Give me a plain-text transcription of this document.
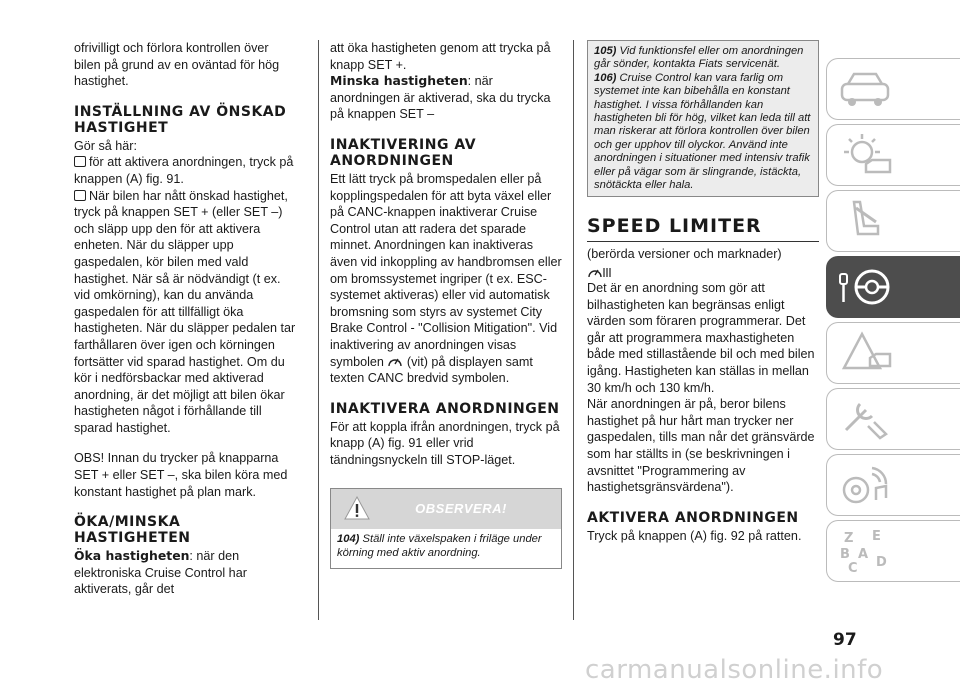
ofrivilligt och förlora kontrollen över bilen på grund av en oväntad för hög hastighet.

INSTÄLLNING AV ÖNSKAD HASTIGHET

Gör så här:

för att aktivera anordningen, tryck på knappen (A) fig. 91.

När bilen har nått önskad hastighet, tryck på knappen SET + (eller SET –) och släpp upp den för att aktivera enheten. När du släpper upp gaspedalen, kör bilen med vald hastighet. När så är nödvändigt (t ex. vid omkörning), kan du använda gaspedalen för att tillfälligt öka hastigheten. När du släpper pedalen tar farthållaren över igen och körningen fortsätter vid sparad hastighet. Om du kör i nedförsbackar med aktiverad anordning, är det möjligt att bilen ökar hastigheten något i förhållande till sparad hastighet.

OBS! Innan du trycker på knapparna SET + eller SET –, ska bilen köra med konstant hastighet på plan mark.

ÖKA/MINSKA HASTIGHETEN

Öka hastigheten: när den elektroniska Cruise Control har aktiverats, går det

att öka hastigheten genom att trycka på knapp SET +.

Minska hastigheten: när anordningen är aktiverad, ska du trycka på knappen SET –

INAKTIVERING AV ANORDNINGEN

Ett lätt tryck på bromspedalen eller på kopplingspedalen för att byta växel eller på CANC-knappen inaktiverar Cruise Control utan att radera det sparade minnet. Anordningen kan inaktiveras även vid inkoppling av handbromsen eller om bromssystemet ingriper (t ex. ESC-systemet aktiveras) eller vid automatisk bromsning som styrs av systemet City Brake Control - "Collision Mitigation". Vid inaktivering av anordningen visas symbolen (vit) på displayen samt texten CANC bredvid symbolen.

INAKTIVERA ANORDNINGEN

För att koppla ifrån anordningen, tryck på knapp (A) fig. 91 eller vrid tändningsnyckeln till STOP-läget.

OBSERVERA!
104) Ställ inte växelspaken i friläge under körning med aktiv anordning.

105) Vid funktionsfel eller om anordningen går sönder, kontakta Fiats servicenät.

106) Cruise Control kan vara farlig om systemet inte kan bibehålla en konstant hastighet. I vissa förhållanden kan hastigheten bli för hög, vilket kan leda till att man riskerar att förlora kontrollen över bilen och ger upphov till olyckor. Använd inte anordningen i situationer med intensiv trafik eller på vägar som är slingrande, istäckta, snötäckta eller hala.

SPEED LIMITER

(berörda versioner och marknader)

Det är en anordning som gör att bilhastigheten kan begränsas enligt värden som föraren programmerar. Det går att programmera maxhastigheten både med stillastående bil och med bilen igång. Hastigheten kan ställas in mellan 30 km/h och 130 km/h.

När anordningen är på, beror bilens hastighet på hur hårt man trycker ner gaspedalen, tills man når det gränsvärde som har ställts in (se beskrivningen i avsnittet "Programmering av hastighetsgränsvärdena").

AKTIVERA ANORDNINGEN

Tryck på knappen (A) fig. 92 på ratten.	Z E
B A
C D
97
carmanualsonline.info
